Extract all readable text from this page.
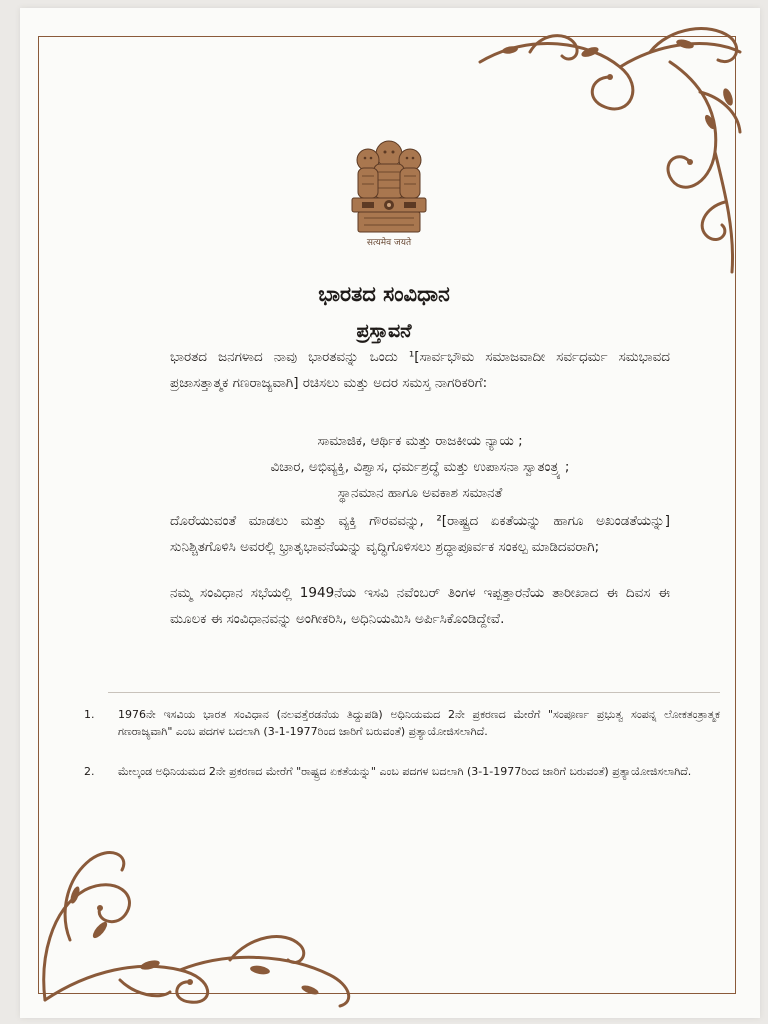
सत्यमेव जयते
ಭಾರತದ ಸಂವಿಧಾನ
ಪ್ರಸ್ತಾವನೆ
ಭಾರತದ ಜನಗಳಾದ ನಾವು ಭಾರತವನ್ನು ಒಂದು ¹[ಸಾರ್ವಭೌಮ ಸಮಾಜವಾದೀ ಸರ್ವಧರ್ಮ ಸಮಭಾವದ ಪ್ರಜಾಸತ್ತಾತ್ಮಕ ಗಣರಾಜ್ಯವಾಗಿ] ರಚಿಸಲು ಮತ್ತು ಅದರ ಸಮಸ್ತ ನಾಗರಿಕರಿಗೆ:
ಸಾಮಾಜಿಕ, ಆರ್ಥಿಕ ಮತ್ತು ರಾಜಕೀಯ ನ್ಯಾಯ ;
ವಿಚಾರ, ಅಭಿವ್ಯಕ್ತಿ, ವಿಶ್ವಾಸ, ಧರ್ಮಶ್ರದ್ಧೆ ಮತ್ತು ಉಪಾಸನಾ ಸ್ವಾತಂತ್ರ್ಯ ;
ಸ್ಥಾನಮಾನ ಹಾಗೂ ಅವಕಾಶ ಸಮಾನತೆ
ದೊರೆಯುವಂತೆ ಮಾಡಲು ಮತ್ತು ವ್ಯಕ್ತಿ ಗೌರವವನ್ನು, ²[ರಾಷ್ಟ್ರದ ಏಕತೆಯನ್ನು ಹಾಗೂ ಅಖಂಡತೆಯನ್ನು] ಸುನಿಶ್ಚಿತಗೊಳಿಸಿ ಅವರಲ್ಲಿ ಭ್ರಾತೃಭಾವನೆಯನ್ನು ವೃದ್ಧಿಗೊಳಿಸಲು ಶ್ರದ್ಧಾಪೂರ್ವಕ ಸಂಕಲ್ಪ ಮಾಡಿದವರಾಗಿ;
ನಮ್ಮ ಸಂವಿಧಾನ ಸಭೆಯಲ್ಲಿ 1949ನೆಯ ಇಸವಿ ನವೆಂಬರ್ ತಿಂಗಳ ಇಪ್ಪತ್ತಾರನೆಯ ತಾರೀಖಾದ ಈ ದಿವಸ ಈ ಮೂಲಕ ಈ ಸಂವಿಧಾನವನ್ನು ಅಂಗೀಕರಿಸಿ, ಅಧಿನಿಯಮಿಸಿ ಅರ್ಪಿಸಿಕೊಂಡಿದ್ದೇವೆ.
1.	1976ನೇ ಇಸವಿಯ ಭಾರತ ಸಂವಿಧಾನ (ನಲವತ್ತೆರಡನೆಯ ತಿದ್ದುಪಡಿ) ಅಧಿನಿಯಮದ 2ನೇ ಪ್ರಕರಣದ ಮೇರೆಗೆ "ಸಂಪೂರ್ಣ ಪ್ರಭುತ್ವ ಸಂಪನ್ನ ಲೋಕತಂತ್ರಾತ್ಮಕ ಗಣರಾಜ್ಯವಾಗಿ" ಎಂಬ ಪದಗಳ ಬದಲಾಗಿ (3-1-1977ರಿಂದ ಜಾರಿಗೆ ಬರುವಂತೆ) ಪ್ರತ್ಯಾಯೋಜಿಸಲಾಗಿದೆ.
2.	ಮೇಲ್ಕಂಡ ಅಧಿನಿಯಮದ 2ನೇ ಪ್ರಕರಣದ ಮೇರೆಗೆ "ರಾಷ್ಟ್ರದ ಏಕತೆಯನ್ನು" ಎಂಬ ಪದಗಳ ಬದಲಾಗಿ (3-1-1977ರಿಂದ ಜಾರಿಗೆ ಬರುವಂತೆ) ಪ್ರತ್ಯಾಯೋಜಿಸಲಾಗಿದೆ.
